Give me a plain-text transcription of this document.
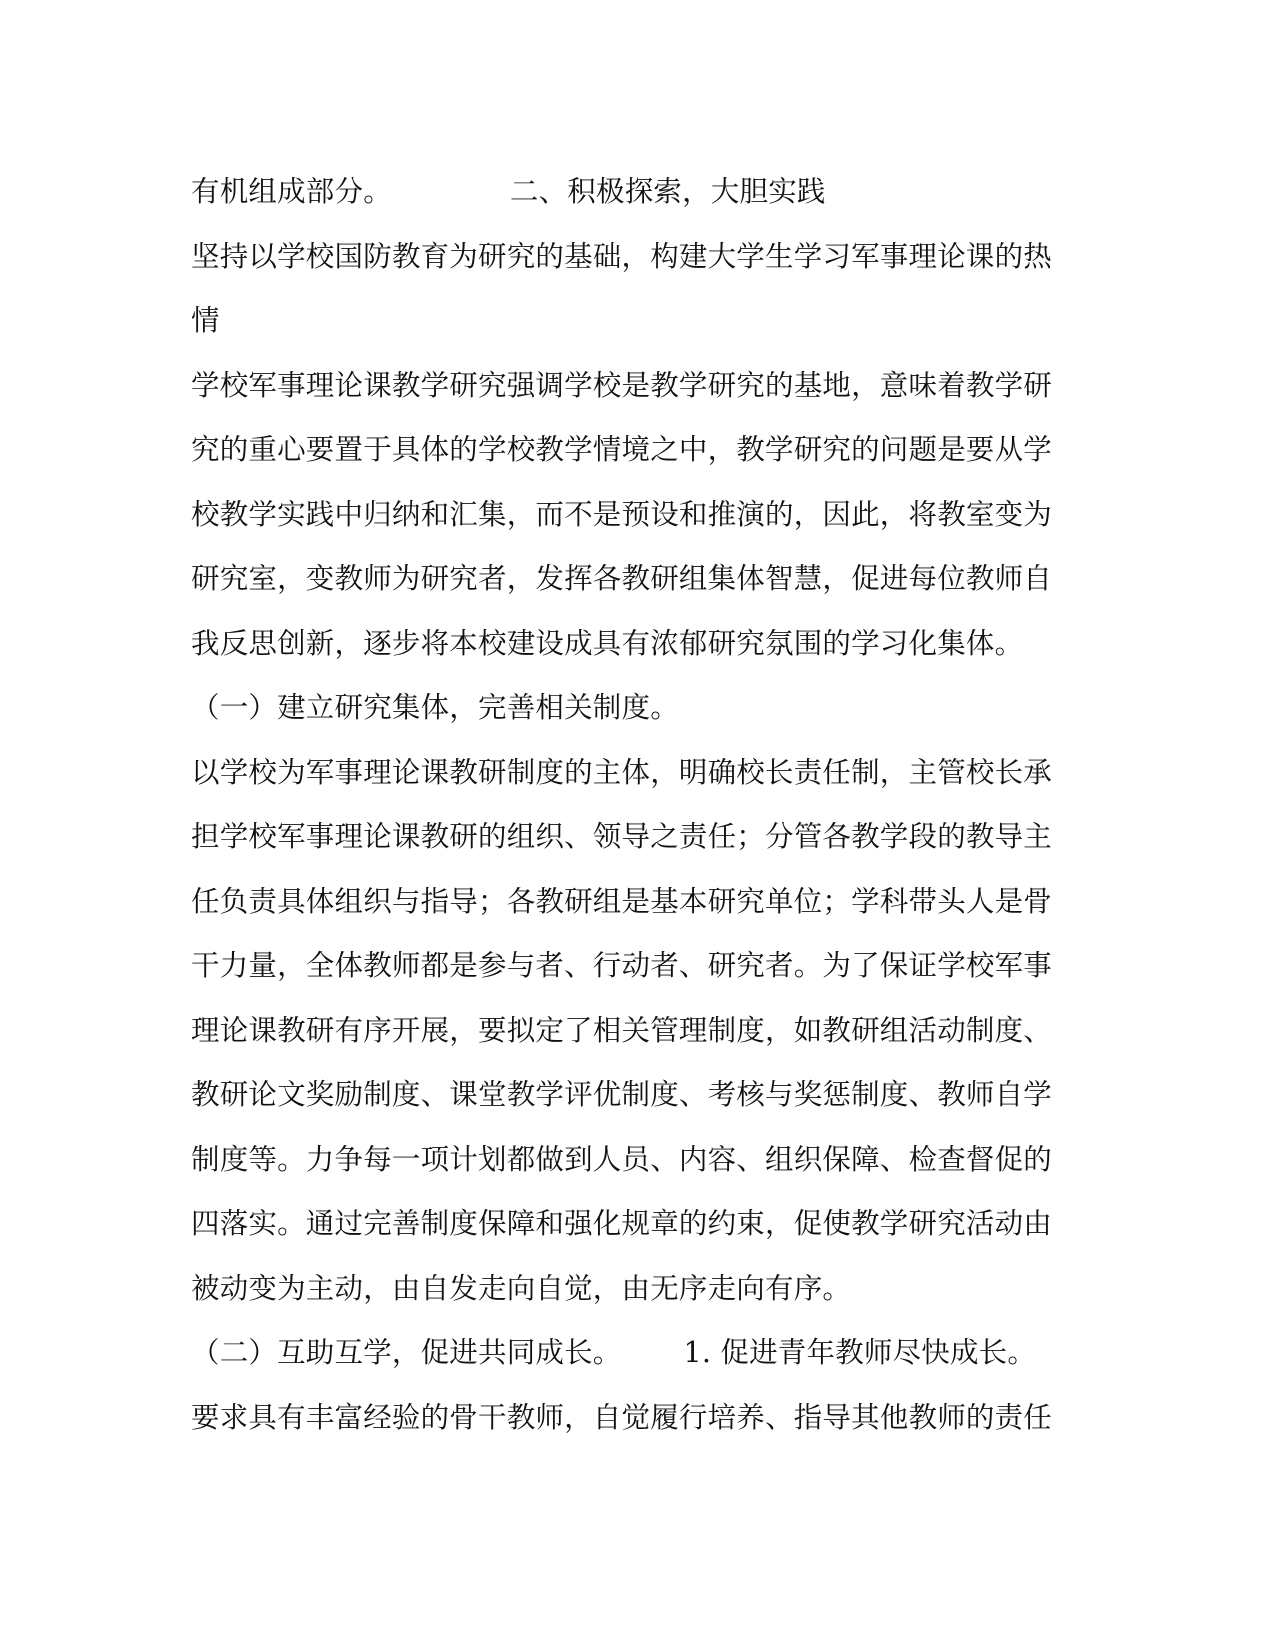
有机组成部分。	二、积极探索，大胆实践
坚持以学校国防教育为研究的基础，构建大学生学习军事理论课的热
情
学校军事理论课教学研究强调学校是教学研究的基地，意味着教学研
究的重心要置于具体的学校教学情境之中，教学研究的问题是要从学
校教学实践中归纳和汇集，而不是预设和推演的，因此，将教室变为
研究室，变教师为研究者，发挥各教研组集体智慧，促进每位教师自
我反思创新，逐步将本校建设成具有浓郁研究氛围的学习化集体。
（一）建立研究集体，完善相关制度。
以学校为军事理论课教研制度的主体，明确校长责任制，主管校长承
担学校军事理论课教研的组织、领导之责任；分管各教学段的教导主
任负责具体组织与指导；各教研组是基本研究单位；学科带头人是骨
干力量，全体教师都是参与者、行动者、研究者。为了保证学校军事
理论课教研有序开展，要拟定了相关管理制度，如教研组活动制度、
教研论文奖励制度、课堂教学评优制度、考核与奖惩制度、教师自学
制度等。力争每一项计划都做到人员、内容、组织保障、检查督促的
四落实。通过完善制度保障和强化规章的约束，促使教学研究活动由
被动变为主动，由自发走向自觉，由无序走向有序。
（二）互助互学，促进共同成长。 1. 促进青年教师尽快成长。
要求具有丰富经验的骨干教师，自觉履行培养、指导其他教师的责任
